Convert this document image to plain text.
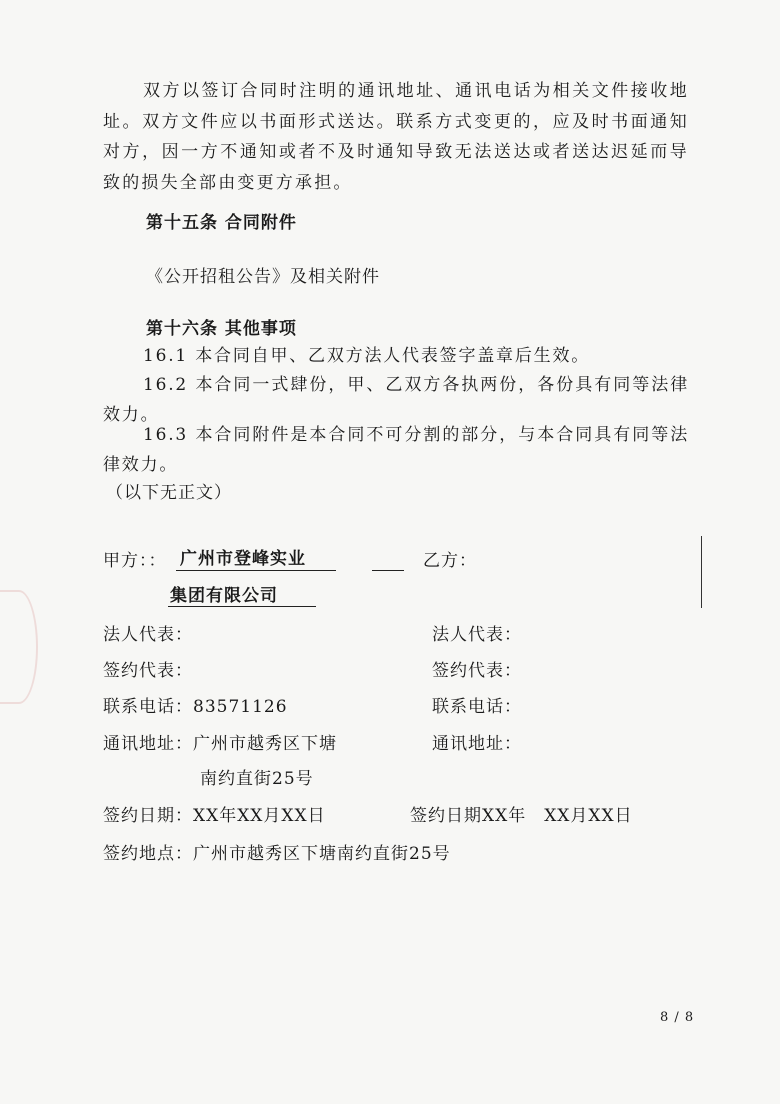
双方以签订合同时注明的通讯地址、通讯电话为相关文件接收地址。双方文件应以书面形式送达。联系方式变更的，应及时书面通知对方，因一方不通知或者不及时通知导致无法送达或者送达迟延而导致的损失全部由变更方承担。
第十五条 合同附件
《公开招租公告》及相关附件
第十六条 其他事项
16.1 本合同自甲、乙双方法人代表签字盖章后生效。
16.2 本合同一式肆份，甲、乙双方各执两份，各份具有同等法律效力。
16.3 本合同附件是本合同不可分割的部分，与本合同具有同等法律效力。
（以下无正文）
甲方：： 广州市登峰实业	乙方：
集团有限公司
法人代表：	法人代表：
签约代表：	签约代表：
联系电话：83571126	联系电话：
通讯地址：广州市越秀区下塘	通讯地址：
南约直街25号
签约日期：XX年XX月XX日	签约日期XX年　XX月XX日
签约地点：广州市越秀区下塘南约直街25号
8 / 8
